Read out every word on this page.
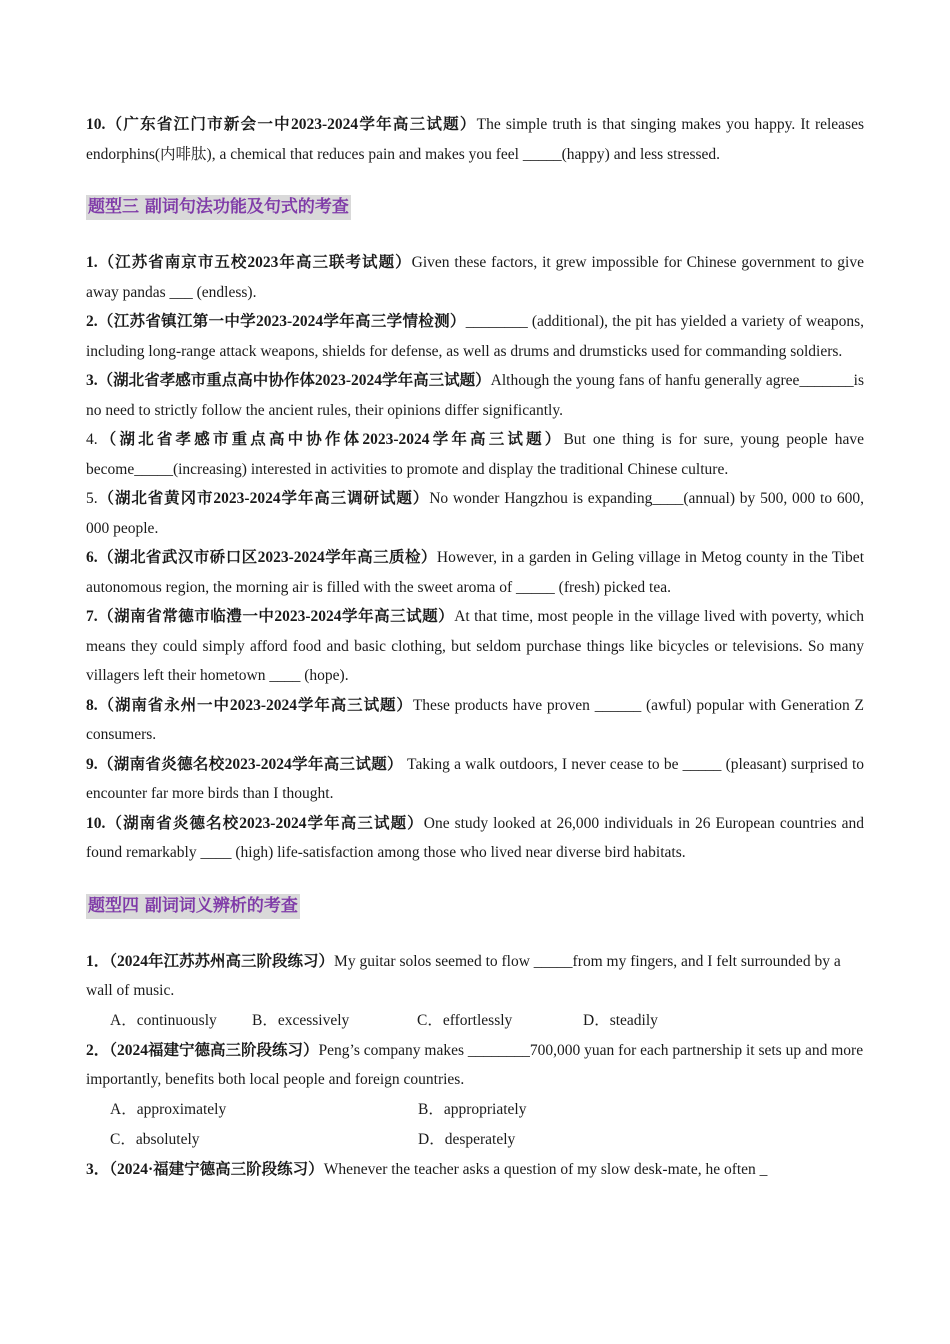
10.（广东省江门市新会一中2023-2024学年高三试题）The simple truth is that singing makes you happy. It releases endorphins(内啡肽), a chemical that reduces pain and makes you feel _____(happy) and less stressed.

题型三 副词句法功能及句式的考查

1.（江苏省南京市五校2023年高三联考试题）Given these factors, it grew impossible for Chinese government to give away pandas ___ (endless).

2.（江苏省镇江第一中学2023-2024学年高三学情检测）________ (additional), the pit has yielded a variety of weapons, including long-range attack weapons, shields for defense, as well as drums and drumsticks used for commanding soldiers.

3.（湖北省孝感市重点高中协作体2023-2024学年高三试题）Although the young fans of hanfu generally agree_______is no need to strictly follow the ancient rules, their opinions differ significantly.

4.（湖北省孝感市重点高中协作体2023-2024学年高三试题）But one thing is for sure, young people have become_____(increasing) interested in activities to promote and display the traditional Chinese culture.

5.（湖北省黄冈市2023-2024学年高三调研试题）No wonder Hangzhou is expanding____(annual) by 500, 000 to 600, 000 people.

6.（湖北省武汉市硚口区2023-2024学年高三质检）However, in a garden in Geling village in Metog county in the Tibet autonomous region, the morning air is filled with the sweet aroma of _____ (fresh) picked tea.

7.（湖南省常德市临澧一中2023-2024学年高三试题）At that time, most people in the village lived with poverty, which means they could simply afford food and basic clothing, but seldom purchase things like bicycles or televisions. So many villagers left their hometown ____ (hope).

8.（湖南省永州一中2023-2024学年高三试题）These products have proven ______ (awful) popular with Generation Z consumers.

9.（湖南省炎德名校2023-2024学年高三试题） Taking a walk outdoors, I never cease to be _____ (pleasant) surprised to encounter far more birds than I thought.

10.（湖南省炎德名校2023-2024学年高三试题）One study looked at 26,000 individuals in 26 European countries and found remarkably ____ (high) life-satisfaction among those who lived near diverse bird habitats.

题型四 副词词义辨析的考查

1．（2024年江苏苏州高三阶段练习）My guitar solos seemed to flow _____from my fingers, and I felt surrounded by a wall of music.

A．continuously	B．excessively	C．effortlessly	D．steadily

2．（2024福建宁德高三阶段练习）Peng’s company makes ________700,000 yuan for each partnership it sets up and more importantly, benefits both local people and foreign countries.

A．approximately	B．appropriately
C．absolutely	D．desperately

3．（2024·福建宁德高三阶段练习）Whenever the teacher asks a question of my slow desk-mate, he often _
